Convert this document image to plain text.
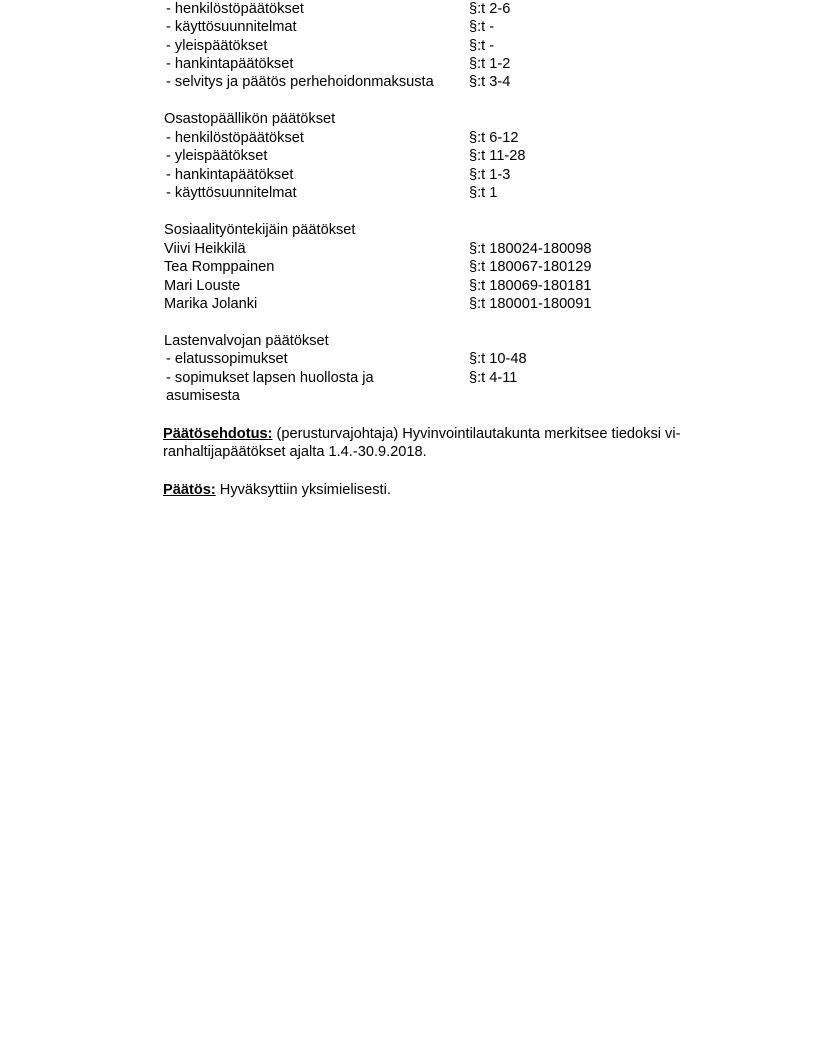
- henkilöstöpäätökset	§:t 2-6
- käyttösuunnitelmat	§:t -
- yleispäätökset	§:t -
- hankintapäätökset	§:t 1-2
- selvitys ja päätös perhehoidonmaksusta §:t 3-4
Osastopäällikön päätökset
- henkilöstöpäätökset	§:t 6-12
- yleispäätökset	§:t 11-28
- hankintapäätökset	§:t 1-3
- käyttösuunnitelmat	§:t 1
Sosiaalityöntekijäin päätökset
Viivi Heikkilä	§:t 180024-180098
Tea Romppainen	§:t 180067-180129
Mari Louste	§:t 180069-180181
Marika Jolanki	§:t 180001-180091
Lastenvalvojan päätökset
- elatussopimukset	§:t 10-48
- sopimukset lapsen huollosta ja	§:t 4-11
asumisesta
Päätösehdotus: (perusturvajohtaja) Hyvinvointilautakunta merkitsee tiedoksi vi-ranhaltijapäätökset ajalta 1.4.-30.9.2018.
Päätös: Hyväksyttiin yksimielisesti.
